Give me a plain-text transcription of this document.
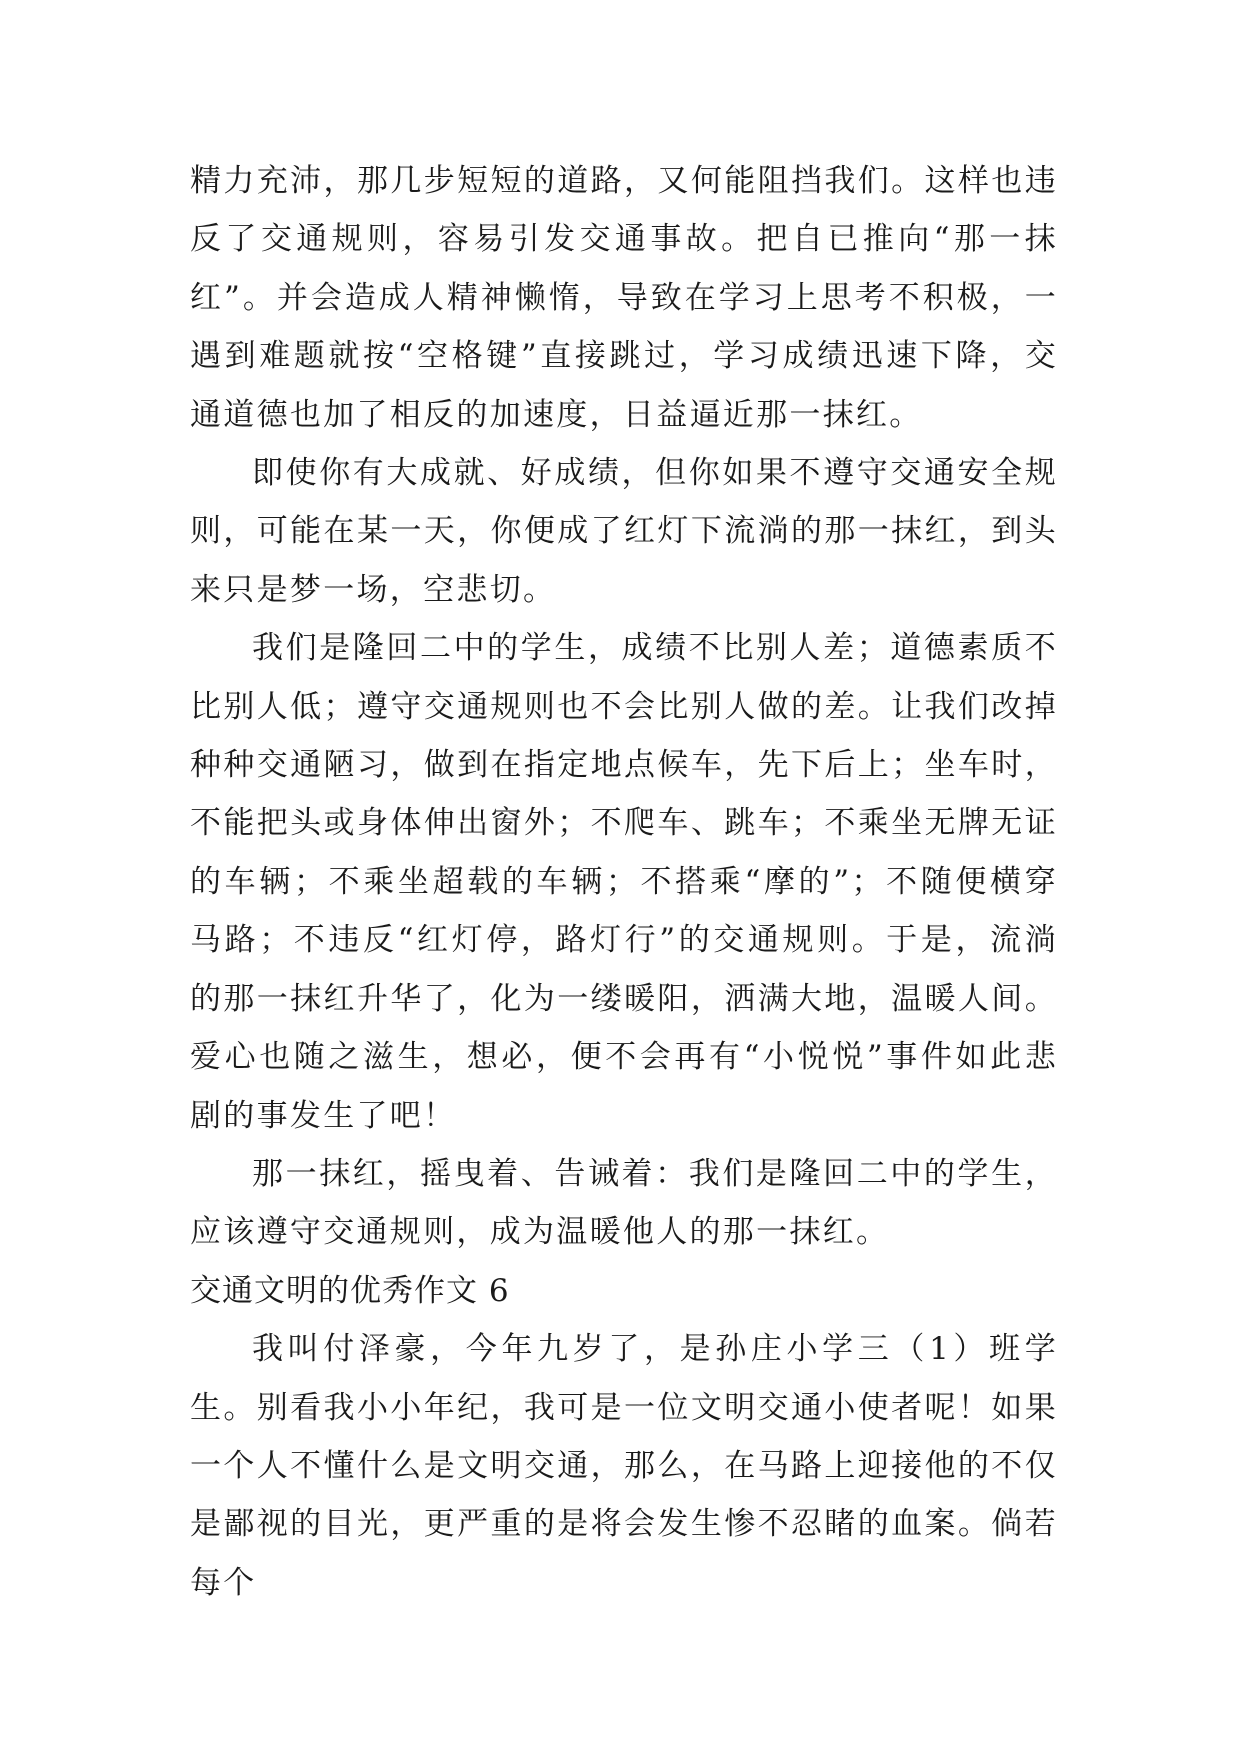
精力充沛，那几步短短的道路，又何能阻挡我们。这样也违反了交通规则，容易引发交通事故。把自已推向“那一抹红”。并会造成人精神懒惰，导致在学习上思考不积极，一遇到难题就按“空格键”直接跳过，学习成绩迅速下降，交通道德也加了相反的加速度，日益逼近那一抹红。

即使你有大成就、好成绩，但你如果不遵守交通安全规则，可能在某一天，你便成了红灯下流淌的那一抹红，到头来只是梦一场，空悲切。

我们是隆回二中的学生，成绩不比别人差；道德素质不比别人低；遵守交通规则也不会比别人做的差。让我们改掉种种交通陋习，做到在指定地点候车，先下后上；坐车时，不能把头或身体伸出窗外；不爬车、跳车；不乘坐无牌无证的车辆；不乘坐超载的车辆；不搭乘“摩的”；不随便横穿马路；不违反“红灯停，路灯行”的交通规则。于是，流淌的那一抹红升华了，化为一缕暖阳，洒满大地，温暖人间。爱心也随之滋生，想必，便不会再有“小悦悦”事件如此悲剧的事发生了吧！

那一抹红，摇曳着、告诫着：我们是隆回二中的学生，应该遵守交通规则，成为温暖他人的那一抹红。

交通文明的优秀作文 6

我叫付泽豪，今年九岁了，是孙庄小学三（1）班学生。别看我小小年纪，我可是一位文明交通小使者呢！如果一个人不懂什么是文明交通，那么，在马路上迎接他的不仅是鄙视的目光，更严重的是将会发生惨不忍睹的血案。倘若每个
